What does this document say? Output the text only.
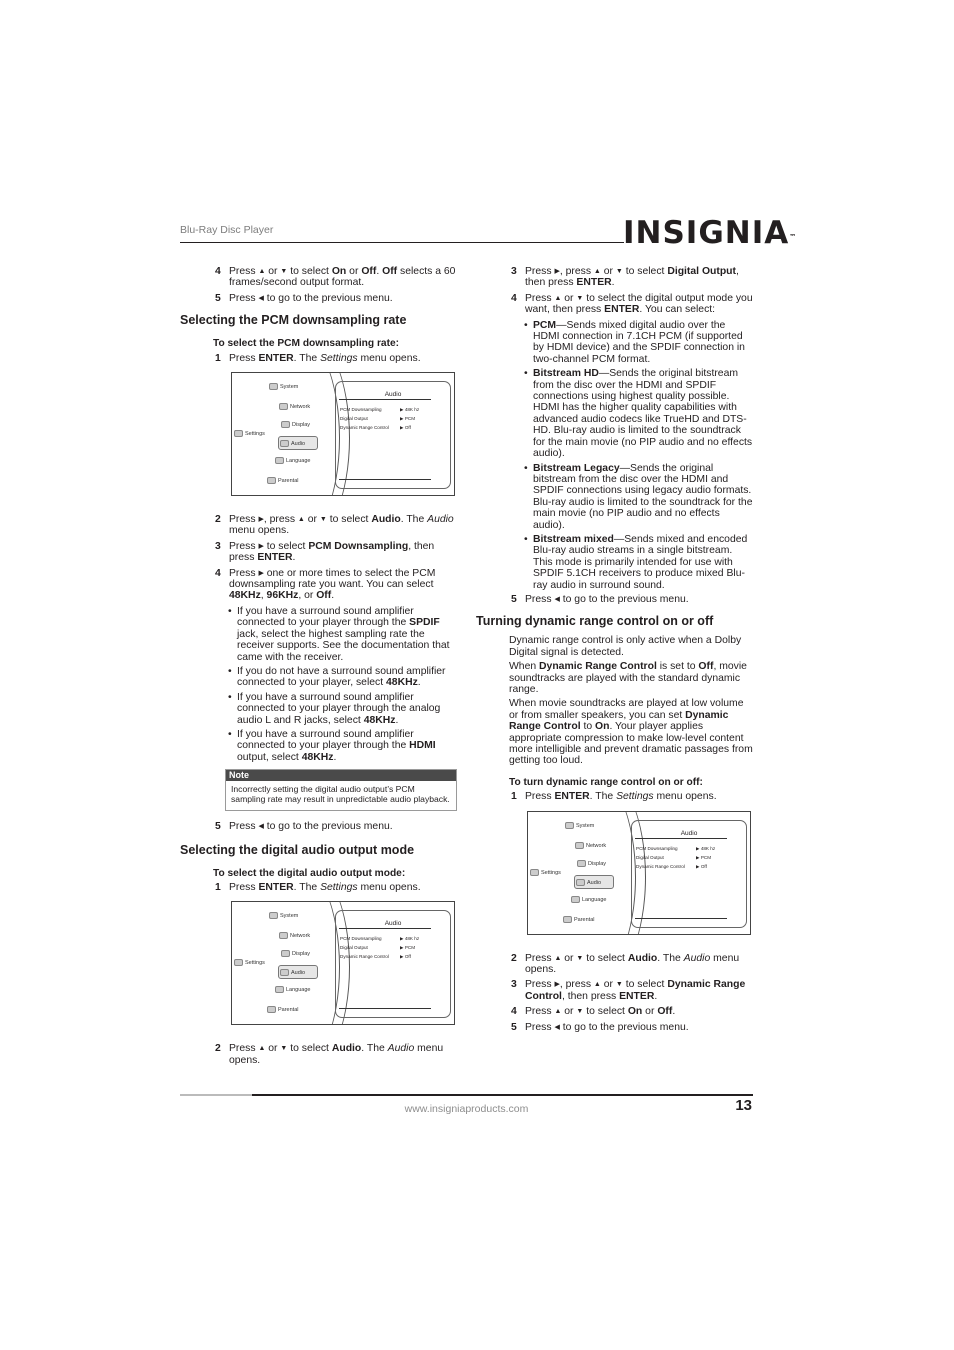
Blu-Ray Disc Player	INSIGNIA™
4 Press ▲ or ▼ to select On or Off. Off selects a 60 frames/second output format.
5 Press ◀ to go to the previous menu.
Selecting the PCM downsampling rate
To select the PCM downsampling rate:
1 Press ENTER. The Settings menu opens.
System
Network
Display
Settings
Audio
Language
Parental
Audio
PCM Downsampling	▶ 48K hz
Digital Output	▶ PCM
Dynamic Range Control ▶ Off
2 Press ▶, press ▲ or ▼ to select Audio. The Audio menu opens.
3 Press ▶ to select PCM Downsampling, then press ENTER.
4 Press ▶ one or more times to select the PCM downsampling rate you want. You can select 48KHz, 96KHz, or Off.
• If you have a surround sound amplifier connected to your player through the SPDIF jack, select the highest sampling rate the receiver supports. See the documentation that came with the receiver.
• If you do not have a surround sound amplifier connected to your player, select 48KHz.
• If you have a surround sound amplifier connected to your player through the analog audio L and R jacks, select 48KHz.
• If you have a surround sound amplifier connected to your player through the HDMI output, select 48KHz.
Note
Incorrectly setting the digital audio output’s PCM sampling rate may result in unpredictable audio playback.
5 Press ◀ to go to the previous menu.
Selecting the digital audio output mode
To select the digital audio output mode:
1 Press ENTER. The Settings menu opens.
System
Network
Display
Settings
Audio
Language
Parental
Audio
PCM Downsampling	▶ 48K hz
Digital Output	▶ PCM
Dynamic Range Control ▶ Off
2 Press ▲ or ▼ to select Audio. The Audio menu opens.
3 Press ▶, press ▲ or ▼ to select Digital Output, then press ENTER.
4 Press ▲ or ▼ to select the digital output mode you want, then press ENTER. You can select:
• PCM—Sends mixed digital audio over the HDMI connection in 7.1CH PCM (if supported by HDMI device) and the SPDIF connection in two-channel PCM format.
• Bitstream HD—Sends the original bitstream from the disc over the HDMI and SPDIF connections using highest quality possible. HDMI has the higher quality capabilities with advanced audio codecs like TrueHD and DTS-HD. Blu-ray audio is limited to the soundtrack for the main movie (no PIP audio and no effects audio).
• Bitstream Legacy—Sends the original bitstream from the disc over the HDMI and SPDIF connections using legacy audio formats. Blu-ray audio is limited to the soundtrack for the main movie (no PIP audio and no effects audio).
• Bitstream mixed—Sends mixed and encoded Blu-ray audio streams in a single bitstream. This mode is primarily intended for use with SPDIF 5.1CH receivers to produce mixed Blu-ray audio in surround sound.
5 Press ◀ to go to the previous menu.
Turning dynamic range control on or off
Dynamic range control is only active when a Dolby Digital signal is detected.
When Dynamic Range Control is set to Off, movie soundtracks are played with the standard dynamic range.
When movie soundtracks are played at low volume or from smaller speakers, you can set Dynamic Range Control to On. Your player applies appropriate compression to make low-level content more intelligible and prevent dramatic passages from getting too loud.
To turn dynamic range control on or off:
1 Press ENTER. The Settings menu opens.
System
Network
Display
Settings
Audio
Language
Parental
Audio
PCM Downsampling	▶ 48K hz
Digital Output	▶ PCM
Dynamic Range Control ▶ Off
2 Press ▲ or ▼ to select Audio. The Audio menu opens.
3 Press ▶, press ▲ or ▼ to select Dynamic Range Control, then press ENTER.
4 Press ▲ or ▼ to select On or Off.
5 Press ◀ to go to the previous menu.
www.insigniaproducts.com	13
